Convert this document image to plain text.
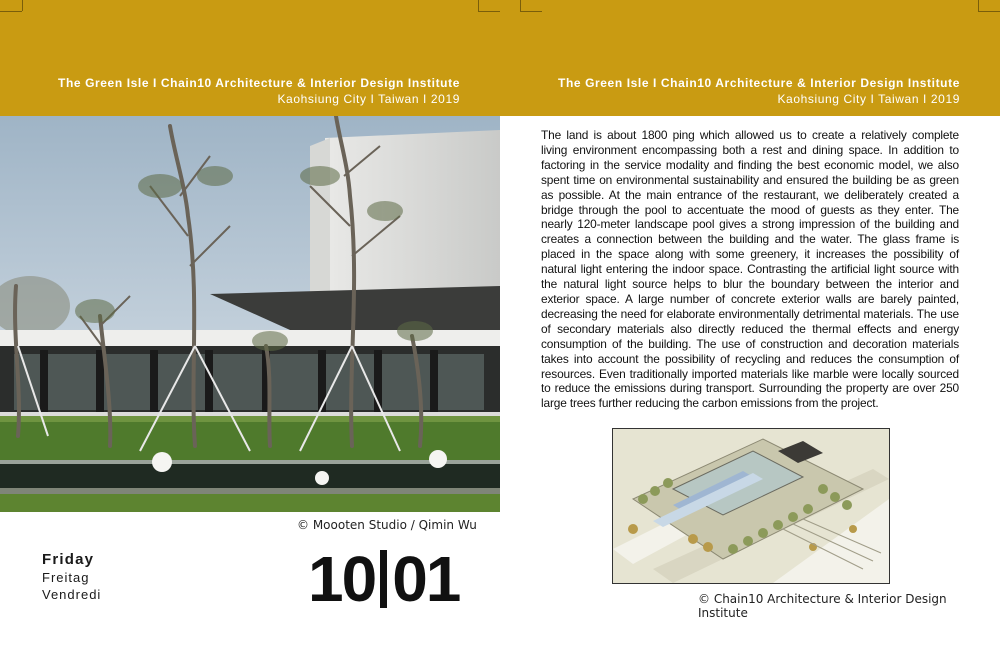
The Green Isle I Chain10 Architecture & Interior Design Institute
Kaohsiung City I Taiwan I 2019
The Green Isle I Chain10 Architecture & Interior Design Institute
Kaohsiung City I Taiwan I 2019
© Moooten Studio / Qimin Wu
Friday
Freitag
Vendredi	10 01
The land is about 1800 ping which allowed us to create a relatively complete living environment encompassing both a rest and dining space. In addition to factoring in the service modality and finding the best economic model, we also spent time on environmental sustainability and ensured the building be as green as possible. At the main entrance of the restaurant, we deliberately created a bridge through the pool to accentuate the mood of guests as they enter. The nearly 120-meter landscape pool gives a strong impression of the building and creates a connection between the building and the water. The glass frame is placed in the space along with some greenery, it increases the possibility of natural light entering the indoor space. Contrasting the artificial light source with the natural light source helps to blur the boundary between the interior and exterior space. A large number of concrete exterior walls are barely painted, decreasing the need for elaborate environmentally detrimental materials. The use of secondary materials also directly reduced the thermal effects and energy consumption of the building. The use of construction and decoration materials takes into account the possibility of recycling and reduces the consumption of resources. Even traditionally imported materials like marble were locally sourced to reduce the emissions during transport. Surrounding the property are over 250 large trees further reducing the carbon emissions from the project.
© Chain10 Architecture & Interior Design Institute
